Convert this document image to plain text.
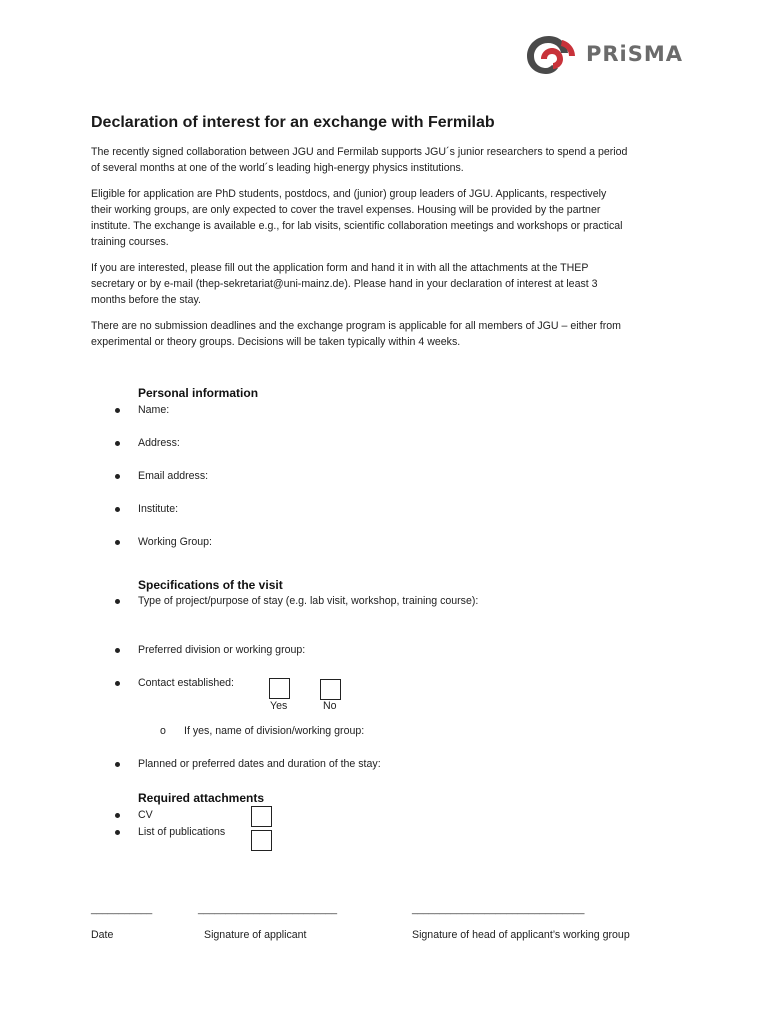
PRiSMA
Declaration of interest for an exchange with Fermilab
The recently signed collaboration between JGU and Fermilab supports JGU´s junior researchers to spend a period
of several months at one of the world´s leading high-energy physics institutions.
Eligible for application are PhD students, postdocs, and (junior) group leaders of JGU. Applicants, respectively
their working groups, are only expected to cover the travel expenses. Housing will be provided by the partner
institute. The exchange is available e.g., for lab visits, scientific collaboration meetings and workshops or practical
training courses.
If you are interested, please fill out the application form and hand it in with all the attachments at the THEP
secretary or by e-mail (thep-sekretariat@uni-mainz.de). Please hand in your declaration of interest at least 3
months before the stay.
There are no submission deadlines and the exchange program is applicable for all members of JGU – either from
experimental or theory groups. Decisions will be taken typically within 4 weeks.
Personal information
Name:
Address:
Email address:
Institute:
Working Group:
Specifications of the visit
Type of project/purpose of stay (e.g. lab visit, workshop, training course):
Preferred division or working group:
Contact established:
Yes	No
o If yes, name of division/working group:
Planned or preferred dates and duration of the stay:
Required attachments
CV
List of publications
___________	_________________________	_______________________________
Date	Signature of applicant	Signature of head of applicant’s working group
